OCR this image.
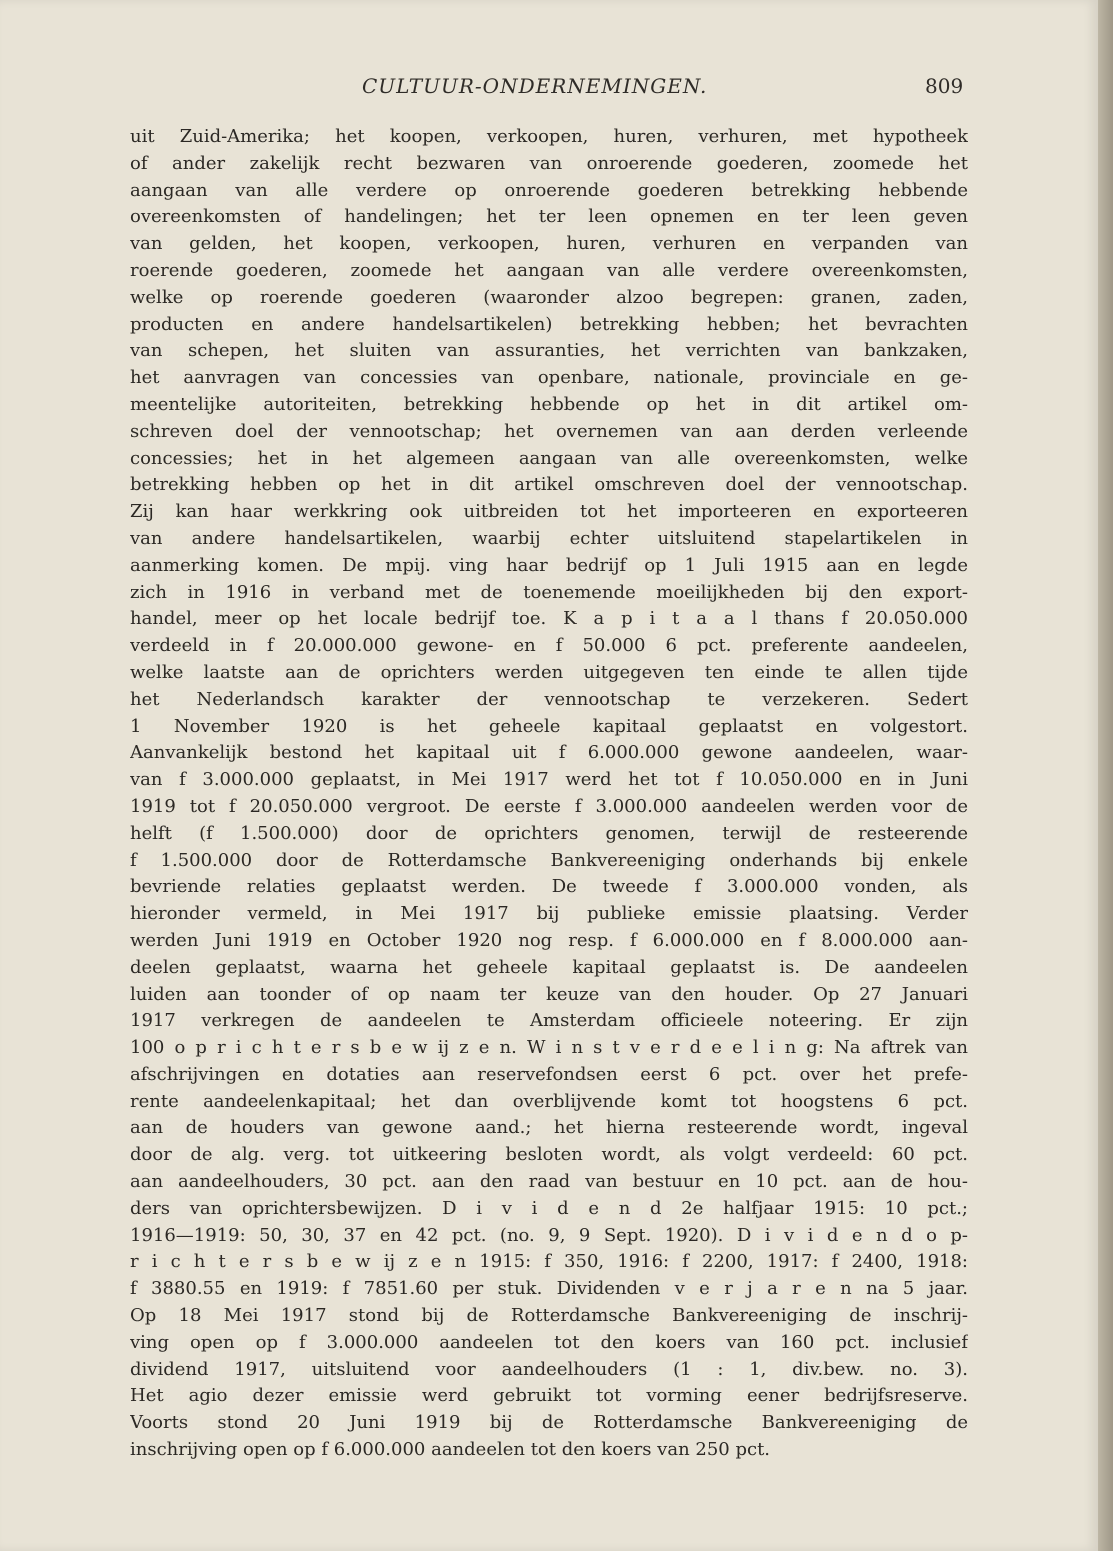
CULTUUR-ONDERNEMINGEN.	809
uit Zuid-Amerika; het koopen, verkoopen, huren, verhuren, met hypotheek
of ander zakelijk recht bezwaren van onroerende goederen, zoomede het
aangaan van alle verdere op onroerende goederen betrekking hebbende
overeenkomsten of handelingen; het ter leen opnemen en ter leen geven
van gelden, het koopen, verkoopen, huren, verhuren en verpanden van
roerende goederen, zoomede het aangaan van alle verdere overeenkomsten,
welke op roerende goederen (waaronder alzoo begrepen: granen, zaden,
producten en andere handelsartikelen) betrekking hebben; het bevrachten
van schepen, het sluiten van assuranties, het verrichten van bankzaken,
het aanvragen van concessies van openbare, nationale, provinciale en ge-
meentelijke autoriteiten, betrekking hebbende op het in dit artikel om-
schreven doel der vennootschap; het overnemen van aan derden verleende
concessies; het in het algemeen aangaan van alle overeenkomsten, welke
betrekking hebben op het in dit artikel omschreven doel der vennootschap.
Zij kan haar werkkring ook uitbreiden tot het importeeren en exporteeren
van andere handelsartikelen, waarbij echter uitsluitend stapelartikelen in
aanmerking komen. De mpij. ving haar bedrijf op 1 Juli 1915 aan en legde
zich in 1916 in verband met de toenemende moeilijkheden bij den export-
handel, meer op het locale bedrijf toe. K a p i t a a l thans f 20.050.000
verdeeld in f 20.000.000 gewone- en f 50.000 6 pct. preferente aandeelen,
welke laatste aan de oprichters werden uitgegeven ten einde te allen tijde
het Nederlandsch karakter der vennootschap te verzekeren. Sedert
1 November 1920 is het geheele kapitaal geplaatst en volgestort.
Aanvankelijk bestond het kapitaal uit f 6.000.000 gewone aandeelen, waar-
van f 3.000.000 geplaatst, in Mei 1917 werd het tot f 10.050.000 en in Juni
1919 tot f 20.050.000 vergroot. De eerste f 3.000.000 aandeelen werden voor de
helft (f 1.500.000) door de oprichters genomen, terwijl de resteerende
f 1.500.000 door de Rotterdamsche Bankvereeniging onderhands bij enkele
bevriende relaties geplaatst werden. De tweede f 3.000.000 vonden, als
hieronder vermeld, in Mei 1917 bij publieke emissie plaatsing. Verder
werden Juni 1919 en October 1920 nog resp. f 6.000.000 en f 8.000.000 aan-
deelen geplaatst, waarna het geheele kapitaal geplaatst is. De aandeelen
luiden aan toonder of op naam ter keuze van den houder. Op 27 Januari
1917 verkregen de aandeelen te Amsterdam officieele noteering. Er zijn
100 o p r i c h t e r s b e w ij z e n. W i n s t v e r d e e l i n g: Na aftrek van
afschrijvingen en dotaties aan reservefondsen eerst 6 pct. over het prefe-
rente aandeelenkapitaal; het dan overblijvende komt tot hoogstens 6 pct.
aan de houders van gewone aand.; het hierna resteerende wordt, ingeval
door de alg. verg. tot uitkeering besloten wordt, als volgt verdeeld: 60 pct.
aan aandeelhouders, 30 pct. aan den raad van bestuur en 10 pct. aan de hou-
ders van oprichtersbewijzen. D i v i d e n d 2e halfjaar 1915: 10 pct.;
1916—1919: 50, 30, 37 en 42 pct. (no. 9, 9 Sept. 1920). D i v i d e n d o p-
r i c h t e r s b e w ij z e n 1915: f 350, 1916: f 2200, 1917: f 2400, 1918:
f 3880.55 en 1919: f 7851.60 per stuk. Dividenden v e r j a r e n na 5 jaar.
Op 18 Mei 1917 stond bij de Rotterdamsche Bankvereeniging de inschrij-
ving open op f 3.000.000 aandeelen tot den koers van 160 pct. inclusief
dividend 1917, uitsluitend voor aandeelhouders (1 : 1, div.bew. no. 3).
Het agio dezer emissie werd gebruikt tot vorming eener bedrijfsreserve.
Voorts stond 20 Juni 1919 bij de Rotterdamsche Bankvereeniging de
inschrijving open op f 6.000.000 aandeelen tot den koers van 250 pct.
